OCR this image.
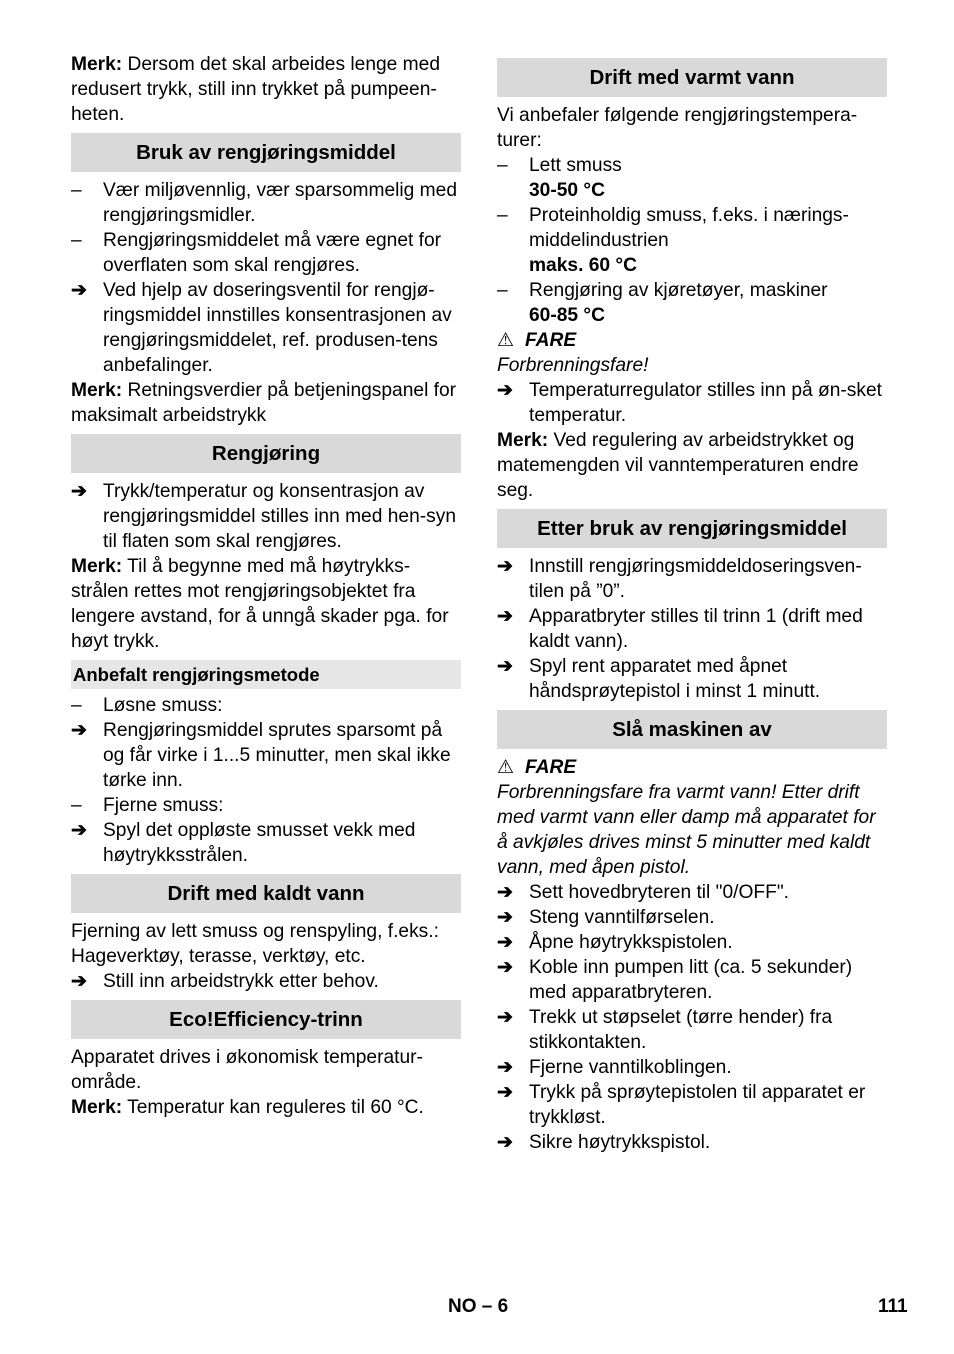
Merk: Dersom det skal arbeides lenge med redusert trykk, still inn trykket på pumpeen-heten.

Bruk av rengjøringsmiddel
–	Vær miljøvennlig, vær sparsommelig med rengjøringsmidler.
–	Rengjøringsmiddelet må være egnet for overflaten som skal rengjøres.
➔ Ved hjelp av doseringsventil for rengjø-ringsmiddel innstilles konsentrasjonen av rengjøringsmiddelet, ref. produsen-tens anbefalinger.

Merk: Retningsverdier på betjeningspanel for maksimalt arbeidstrykk

Rengjøring
➔ Trykk/temperatur og konsentrasjon av rengjøringsmiddel stilles inn med hen-syn til flaten som skal rengjøres.

Merk: Til å begynne med må høytrykks-strålen rettes mot rengjøringsobjektet fra lengere avstand, for å unngå skader pga. for høyt trykk.

Anbefalt rengjøringsmetode
–	Løsne smuss:
➔ Rengjøringsmiddel sprutes sparsomt på og får virke i 1...5 minutter, men skal ikke tørke inn.
–	Fjerne smuss:
➔ Spyl det oppløste smusset vekk med høytrykksstrålen.
Drift med kaldt vann

Fjerning av lett smuss og renspyling, f.eks.: Hageverktøy, terasse, verktøy, etc.

➔ Still inn arbeidstrykk etter behov.
Eco!Efficiency-trinn

Apparatet drives i økonomisk temperatur-område.

Merk: Temperatur kan reguleres til 60 °C.

Drift med varmt vann

Vi anbefaler følgende rengjøringstempera-turer:

–	Lett smuss
30-50 °C
–	Proteinholdig smuss, f.eks. i nærings-middelindustrien
maks. 60 °C
–	Rengjøring av kjøretøyer, maskiner
60-85 °C
⚠ FARE

Forbrenningsfare!

➔ Temperaturregulator stilles inn på øn-sket temperatur.

Merk: Ved regulering av arbeidstrykket og matemengden vil vanntemperaturen endre seg.

Etter bruk av rengjøringsmiddel
➔ Innstill rengjøringsmiddeldoseringsven-tilen på ”0”.
➔ Apparatbryter stilles til trinn 1 (drift med kaldt vann).
➔ Spyl rent apparatet med åpnet håndsprøytepistol i minst 1 minutt.
Slå maskinen av
⚠ FARE

Forbrenningsfare fra varmt vann! Etter drift med varmt vann eller damp må apparatet for å avkjøles drives minst 5 minutter med kaldt vann, med åpen pistol.

➔ Sett hovedbryteren til "0/OFF".
➔ Steng vanntilførselen.
➔ Åpne høytrykkspistolen.
➔ Koble inn pumpen litt (ca. 5 sekunder) med apparatbryteren.
➔ Trekk ut støpselet (tørre hender) fra stikkontakten.
➔ Fjerne vanntilkoblingen.
➔ Trykk på sprøytepistolen til apparatet er trykkløst.
➔ Sikre høytrykkspistol.
NO – 6	111
